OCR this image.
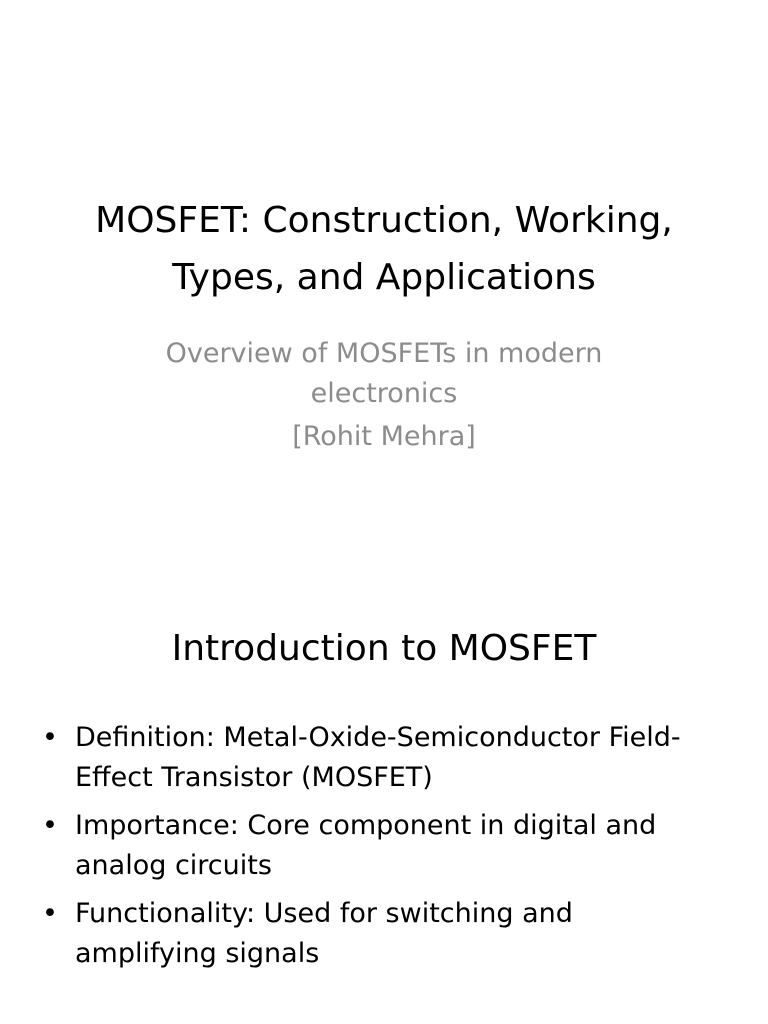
MOSFET: Construction, Working, Types, and Applications

Overview of MOSFETs in modern electronics

[Rohit Mehra]

Introduction to MOSFET
• Definition: Metal-Oxide-Semiconductor Field-Effect Transistor (MOSFET)
• Importance: Core component in digital and analog circuits
• Functionality: Used for switching and amplifying signals
